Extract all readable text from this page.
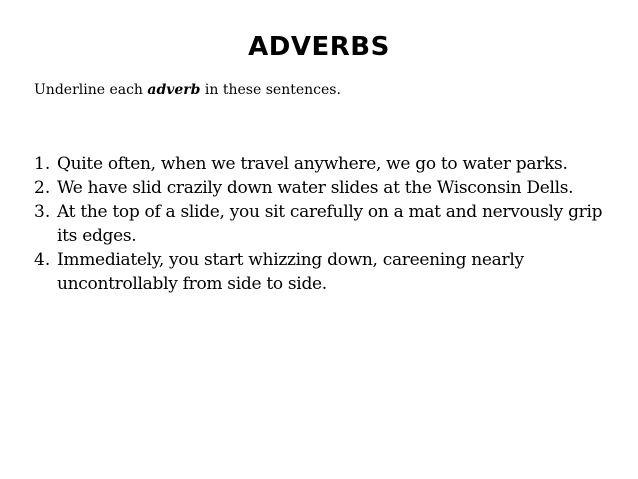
ADVERBS
Underline each adverb in these sentences.
1. Quite often, when we travel anywhere, we go to water parks.
2. We have slid crazily down water slides at the Wisconsin Dells.
3. At the top of a slide, you sit carefully on a mat and nervously grip its edges.
4. Immediately, you start whizzing down, careening nearly uncontrollably from side to side.
